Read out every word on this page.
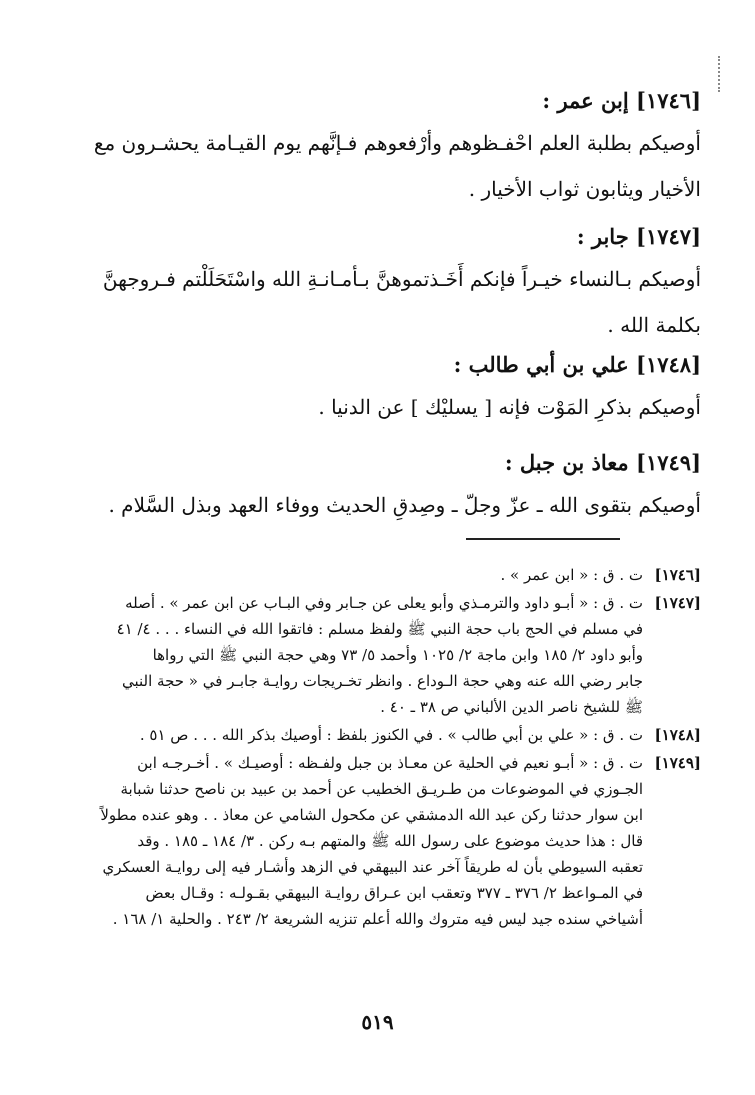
[١٧٤٦] إبن عمر :
أوصيكم بطلبة العلم احْفـظوهم وأرْفعوهم فـإنَّهم يوم القيـامة يحشـرون مع
الأخيار ويثابون ثواب الأخيار .
[١٧٤٧] جابر :
أوصيكم بـالنساء خيـراً فإنكم أَخَـذتموهنَّ بـأمـانـةِ الله واسْتَحَلَلْتم فـروجهنَّ
بكلمة الله .
[١٧٤٨] علي بن أبي طالب :
أوصيكم بذكرِ المَوْت فإنه [ يسليْك ] عن الدنيا .
[١٧٤٩] معاذ بن جبل :
أوصيكم بتقوى الله ـ عزّ وجلّ ـ وصِدقِ الحديث ووفاء العهد وبذل السَّلام .
[١٧٤٦]
ت . ق : « ابن عمر » .
[١٧٤٧]
ت . ق : « أبـو داود والترمـذي وأبو يعلى عن جـابر وفي البـاب عن ابن عمر » . أصله
في مسلم في الحج باب حجة النبي ﷺ ولفظ مسلم : فاتقوا الله في النساء . . . ٤/ ٤١
وأبو داود ٢/ ١٨٥ وابن ماجة ٢/ ١٠٢٥ وأحمد ٥/ ٧٣ وهي حجة النبي ﷺ التي رواها
جابر رضي الله عنه وهي حجة الـوداع . وانظر تخـريجات روايـة جابـر في « حجة النبي
ﷺ للشيخ ناصر الدين الألباني ص ٣٨ ـ ٤٠ .
[١٧٤٨]
ت . ق : « علي بن أبي طالب » . في الكنوز بلفظ : أوصيك بذكر الله . . . ص ٥١ .
[١٧٤٩]
ت . ق : « أبـو نعيم في الحلية عن معـاذ بن جبل ولفـظه : أوصيـك » . أخـرجـه ابن
الجـوزي في الموضوعات من طـريـق الخطيب عن أحمد بن عبيد بن ناصح حدثنا شبابة
ابن سوار حدثنا ركن عبد الله الدمشقي عن مكحول الشامي عن معاذ . . وهو عنده مطولاً
قال : هذا حديث موضوع على رسول الله ﷺ والمتهم بـه ركن . ٣/ ١٨٤ ـ ١٨٥ . وقد
تعقبه السيوطي بأن له طريقاً آخر عند البيهقي في الزهد وأشـار فيه إلى روايـة العسكري
في المـواعظ ٢/ ٣٧٦ ـ ٣٧٧ وتعقب ابن عـراق روايـة البيهقي بقـولـه : وقـال بعض
أشياخي سنده جيد ليس فيه متروك والله أعلم تنزيه الشريعة ٢/ ٢٤٣ . والحلية ١/ ١٦٨ .
٥١٩
